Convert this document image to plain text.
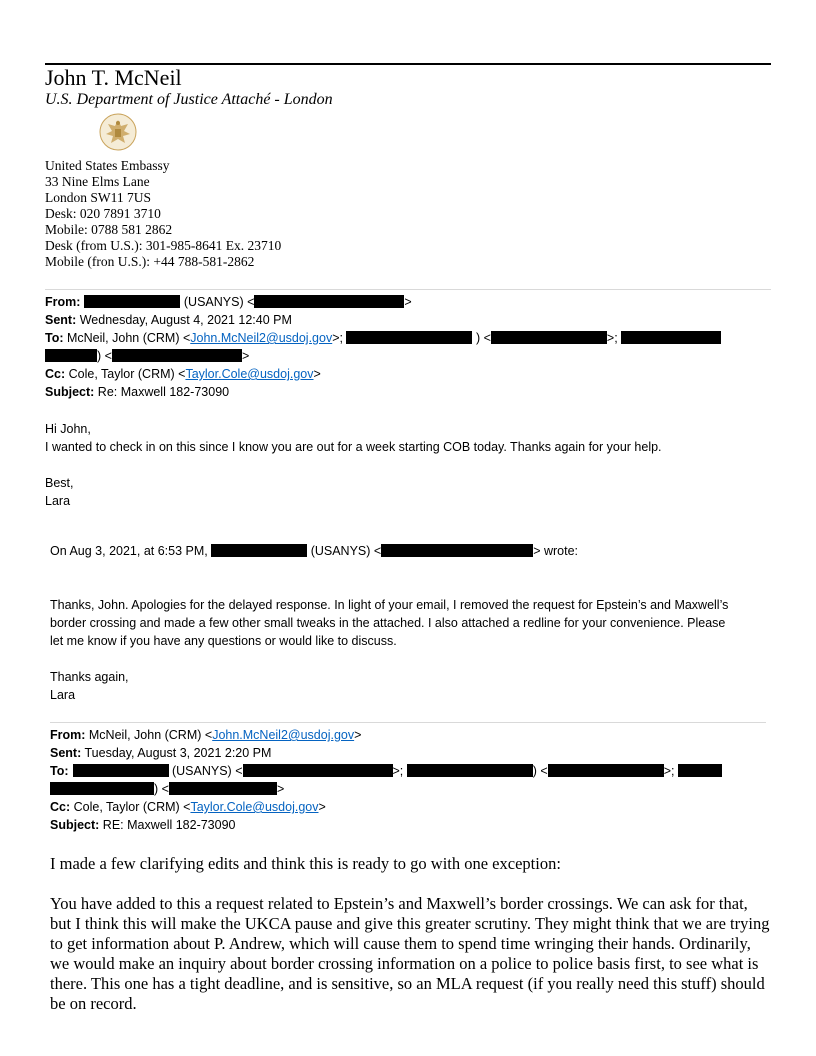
John T. McNeil
U.S. Department of Justice Attaché - London
United States Embassy
33 Nine Elms Lane
London SW11 7US
Desk: 020 7891 3710
Mobile: 0788 581 2862
Desk (from U.S.): 301-985-8641 Ex. 23710
Mobile (fron U.S.): +44 788-581-2862
From:	(USANYS) <	>
Sent: Wednesday, August 4, 2021 12:40 PM
To: McNeil, John (CRM) <John.McNeil2@usdoj.gov>;	) <	>;
) <	>
Cc: Cole, Taylor (CRM) <Taylor.Cole@usdoj.gov>
Subject: Re: Maxwell 182-73090

Hi John,

I wanted to check in on this since I know you are out for a week starting COB today. Thanks again for your help.

Best,

Lara

On Aug 3, 2021, at 6:53 PM,	(USANYS) <	> wrote:

Thanks, John. Apologies for the delayed response. In light of your email, I removed the request for Epstein’s and Maxwell’s border crossing and made a few other small tweaks in the attached. I also attached a redline for your convenience. Please let me know if you have any questions or would like to discuss.

Thanks again,

Lara

From: McNeil, John (CRM) <John.McNeil2@usdoj.gov>
Sent: Tuesday, August 3, 2021 2:20 PM
To:	(USANYS) <	>;	) <	>;
) <	>
Cc: Cole, Taylor (CRM) <Taylor.Cole@usdoj.gov>
Subject: RE: Maxwell 182-73090

I made a few clarifying edits and think this is ready to go with one exception:

You have added to this a request related to Epstein’s and Maxwell’s border crossings. We can ask for that, but I think this will make the UKCA pause and give this greater scrutiny. They might think that we are trying to get information about P. Andrew, which will cause them to spend time wringing their hands. Ordinarily, we would make an inquiry about border crossing information on a police to police basis first, to see what is there. This one has a tight deadline, and is sensitive, so an MLA request (if you really need this stuff) should be on record.
